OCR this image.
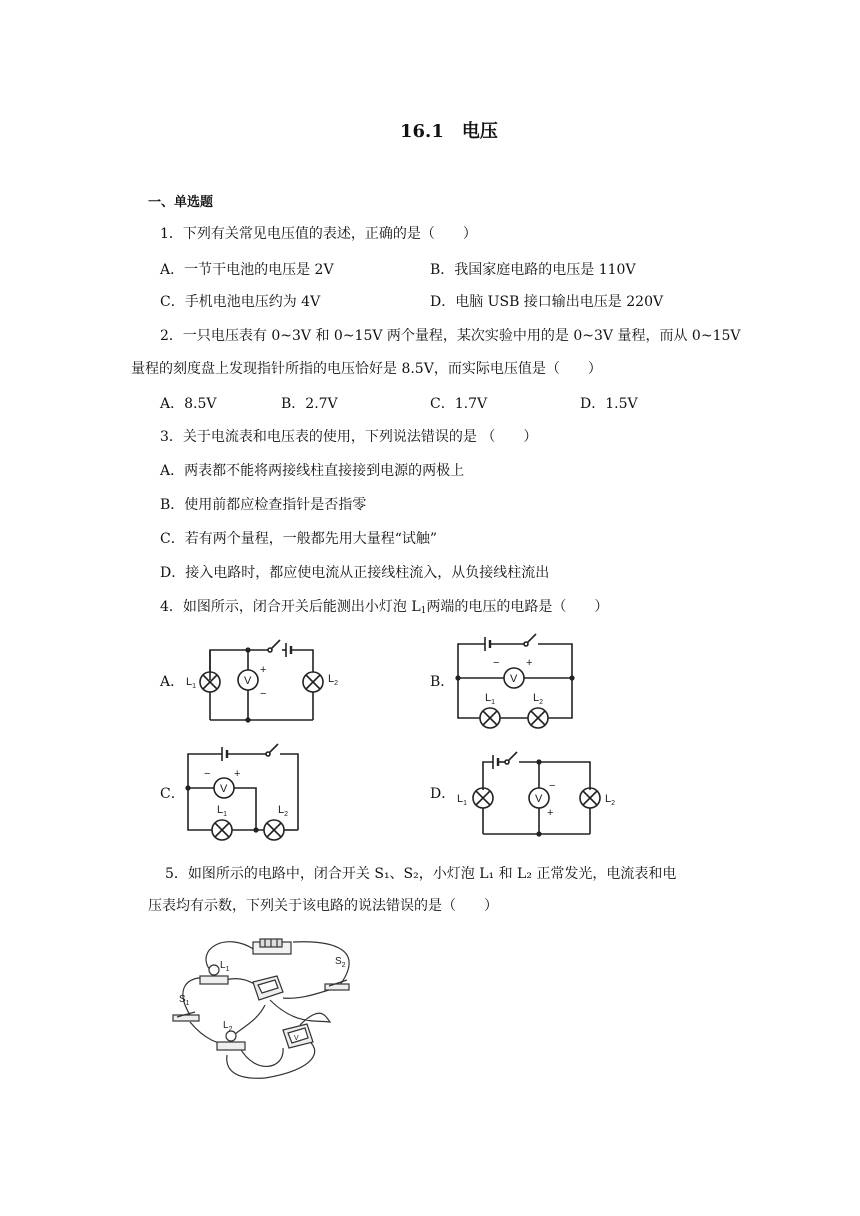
16.1　电压
一、单选题
1．下列有关常见电压值的表述，正确的是（　　）
A．一节干电池的电压是 2V	B．我国家庭电路的电压是 110V
C．手机电池电压约为 4V	D．电脑 USB 接口输出电压是 220V
2．一只电压表有 0~3V 和 0~15V 两个量程，某次实验中用的是 0~3V 量程，而从 0~15V
量程的刻度盘上发现指针所指的电压恰好是 8.5V，而实际电压值是（　　）
A．8.5V	B．2.7V	C．1.7V	D．1.5V
3．关于电流表和电压表的使用，下列说法错误的是 （　　）
A．两表都不能将两接线柱直接接到电源的两极上
B．使用前都应检查指针是否指零
C．若有两个量程，一般都先用大量程“试触”
D．接入电路时，都应使电流从正接线柱流入，从负接线柱流出
4．如图所示，闭合开关后能测出小灯泡 $L_1$两端的电压的电路是（　　）
A．	B．
C．	D．
V
+
−
$L_1$
$L_2$	V
− +
$L_1$	$L_2$
V
− +
$L_1$	$L_2$
V
−
+
$L_1$	$L_2$
5．如图所示的电路中，闭合开关 S₁、S₂，小灯泡 L₁ 和 L₂ 正常发光，电流表和电
压表均有示数，下列关于该电路的说法错误的是（　　）
$L_1$
$L_2$
$S_2$
$S_1$
V
